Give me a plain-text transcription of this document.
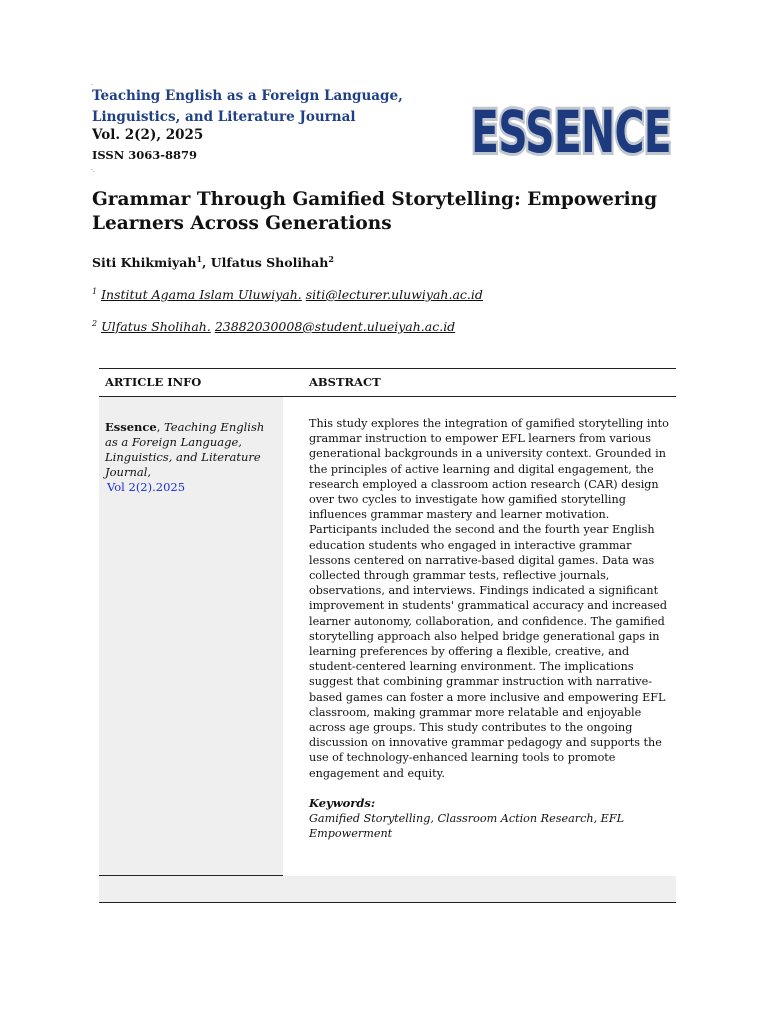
.
Teaching English as a Foreign Language,
Linguistics, and Literature Journal
Vol. 2(2), 2025
ISSN 3063-8879
·.
ESSENCE
Grammar Through Gamified Storytelling: Empowering Learners Across Generations
Siti Khikmiyah$^1$, Ulfatus Sholihah$^2$
$^1$ Institut Agama Islam Uluwiyah. siti@lecturer.uluwiyah.ac.id
$^2$ Ulfatus Sholihah. 23882030008@student.ulueiyah.ac.id
ARTICLE INFO	ABSTRACT
Essence, Teaching English as a Foreign Language, Linguistics, and Literature Journal,
Vol 2(2).2025
This study explores the integration of gamified storytelling into grammar instruction to empower EFL learners from various generational backgrounds in a university context. Grounded in the principles of active learning and digital engagement, the research employed a classroom action research (CAR) design over two cycles to investigate how gamified storytelling influences grammar mastery and learner motivation. Participants included the second and the fourth year English education students who engaged in interactive grammar lessons centered on narrative-based digital games. Data was collected through grammar tests, reflective journals, observations, and interviews. Findings indicated a significant improvement in students' grammatical accuracy and increased learner autonomy, collaboration, and confidence. The gamified storytelling approach also helped bridge generational gaps in learning preferences by offering a flexible, creative, and student-centered learning environment. The implications suggest that combining grammar instruction with narrative-based games can foster a more inclusive and empowering EFL classroom, making grammar more relatable and enjoyable across age groups. This study contributes to the ongoing discussion on innovative grammar pedagogy and supports the use of technology-enhanced learning tools to promote engagement and equity.
Keywords:
Gamified Storytelling, Classroom Action Research, EFL Empowerment
